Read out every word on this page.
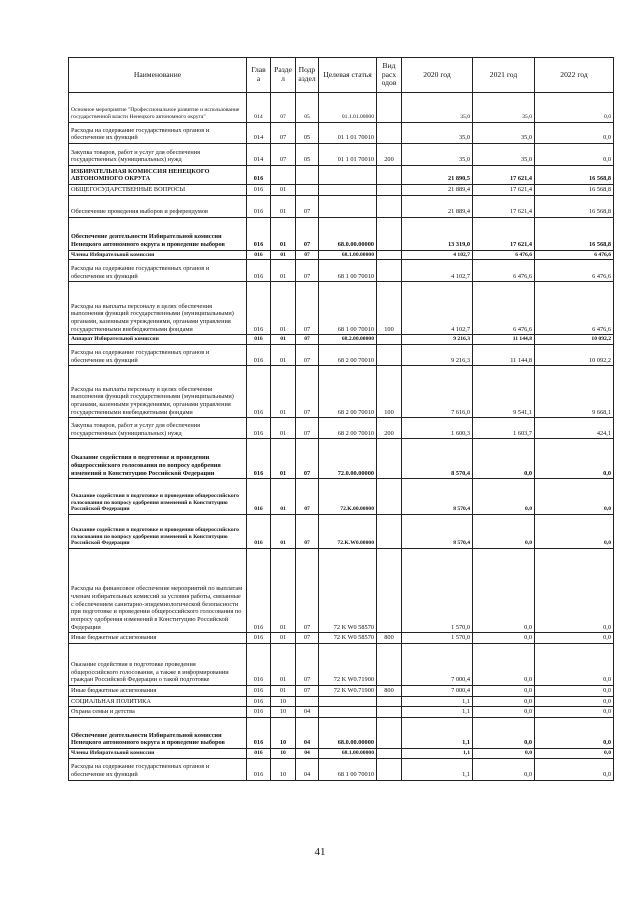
Наименование	Глав а	Разде л	Подр аздел	Целевая статья	Вид расх одов	2020 год	2021 год	2022 год
Основное мероприятие "Профессиональное развитие и использование государственной власти Ненецкого автономного округа"	014	07	05	01.1.01.00000		35,0	35,0	0,0
Расходы на содержание государственных органов и обеспечение их функций	014	07	05	01 1 01 70010		35,0	35,0	0,0
Закупка товаров, работ и услуг для обеспечения государственных (муниципальных) нужд	014	07	05	01 1 01 70010	200	35,0	35,0	0,0
ИЗБИРАТЕЛЬНАЯ КОМИССИЯ НЕНЕЦКОГО АВТОНОМНОГО ОКРУГА	016					21 890,5	17 621,4	16 568,8
ОБЩЕГОСУДАРСТВЕННЫЕ ВОПРОСЫ	016	01				21 889,4	17 621,4	16 568,8
Обеспечение проведения выборов и референдумов	016	01	07			21 889,4	17 621,4	16 568,8
Обеспечение деятельности Избирательной комиссии Ненецкого автономного округа и проведение выборов	016	01	07	68.0.00.00000		13 319,0	17 621,4	16 568,8
Члены Избирательной комиссии	016	01	07	68.1.00.00000		4 102,7	6 476,6	6 476,6
Расходы на содержание государственных органов и обеспечение их функций	016	01	07	68 1 00 70010		4 102,7	6 476,6	6 476,6
Расходы на выплаты персоналу в целях обеспечения выполнения функций государственными (муниципальными) органами, казенными учреждениями, органами управления государственными внебюджетными фондами	016	01	07	68 1 00 70010	100	4 102,7	6 476,6	6 476,6
Аппарат Избирательной комиссии	016	01	07	68.2.00.00000		9 216,3	11 144,8	10 092,2
Расходы на содержание государственных органов и обеспечение их функций	016	01	07	68 2 00 70010		9 216,3	11 144,8	10 092,2
Расходы на выплаты персоналу в целях обеспечения выполнения функций государственными (муниципальными) органами, казенными учреждениями, органами управления государственными внебюджетными фондами	016	01	07	68 2 00 70010	100	7 616,0	9 541,1	9 668,1
Закупка товаров, работ и услуг для обеспечения государственных (муниципальных) нужд	016	01	07	68 2 00 70010	200	1 600,3	1 603,7	424,1
Оказание содействия в подготовке и проведении общероссийского голосования по вопросу одобрения изменений в Конституцию Российской Федерации	016	01	07	72.0.00.00000		8 570,4	0,0	0,0
Оказание содействия в подготовке и проведении общероссийского голосования по вопросу одобрения изменений в Конституцию Российской Федерации	016	01	07	72.K.00.00000		8 570,4	0,0	0,0
Оказание содействия в подготовке и проведении общероссийского голосования по вопросу одобрения изменений в Конституцию Российской Федерации	016	01	07	72.K.W0.00000		8 570,4	0,0	0,0
Расходы на финансовое обеспечение мероприятий по выплатам членам избирательных комиссий за условия работы, связанные с обеспечением санитарно-эпидемиологической безопасности при подготовке и проведении общероссийского голосования по вопросу одобрения изменений в Конституцию Российской Федерации	016	01	07	72 K W0 58570		1 570,0	0,0	0,0
Иные бюджетные ассигнования	016	01	07	72 K W0 58570	800	1 570,0	0,0	0,0
Оказание содействия в подготовке проведения общероссийского голосования, а также в информировании граждан Российской Федерации о такой подготовке	016	01	07	72 K W0.71900		7 000,4	0,0	0,0
Иные бюджетные ассигнования	016	01	07	72 K W0.71900	800	7 000,4	0,0	0,0
СОЦИАЛЬНАЯ ПОЛИТИКА	016	10				1,1	0,0	0,0
Охрана семьи и детства	016	10	04			1,1	0,0	0,0
Обеспечение деятельности Избирательной комиссии Ненецкого автономного округа и проведение выборов	016	10	04	68.0.00.00000		1,1	0,0	0,0
Члены Избирательной комиссии	016	10	04	68.1.00.00000		1,1	0,0	0,0
Расходы на содержание государственных органов и обеспечение их функций	016	10	04	68 1 00 70010		1,1	0,0	0,0
41
